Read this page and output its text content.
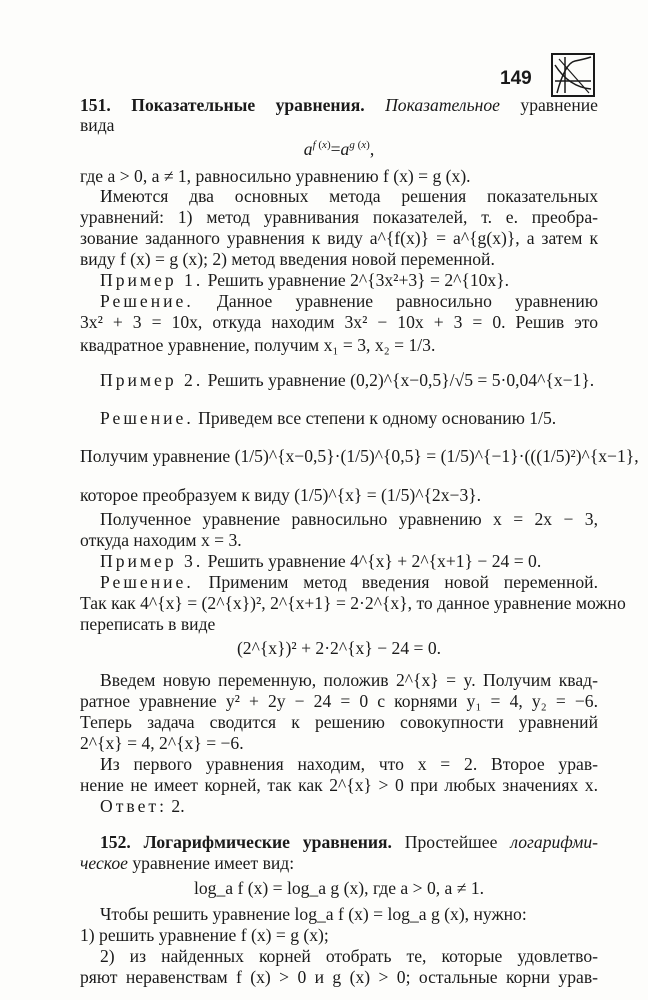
149
151. Показательные уравнения. Показательное уравнение
вида
$a^{f (x)}=a^{g (x)}$,
где a > 0, a ≠ 1, равносильно уравнению f (x) = g (x).
Имеются два основных метода решения показательных
уравнений: 1) метод уравнивания показателей, т. е. преобра-
зование заданного уравнения к виду a^{f(x)} = a^{g(x)}, а затем к
виду f (x) = g (x); 2) метод введения новой переменной.
Пример 1. Решить уравнение 2^{3x²+3} = 2^{10x}.
Решение. Данное уравнение равносильно уравнению
3x² + 3 = 10x, откуда находим 3x² − 10x + 3 = 0. Решив это
квадратное уравнение, получим x₁ = 3, x₂ = 1/3.
Пример 2. Решить уравнение (0,2)^{x−0,5}/√5 = 5·0,04^{x−1}.
Решение. Приведем все степени к одному основанию 1/5.
Получим уравнение (1/5)^{x−0,5}·(1/5)^{0,5} = (1/5)^{−1}·(((1/5)²)^{x−1},
которое преобразуем к виду (1/5)^{x} = (1/5)^{2x−3}.
Полученное уравнение равносильно уравнению x = 2x − 3,
откуда находим x = 3.
Пример 3. Решить уравнение 4^{x} + 2^{x+1} − 24 = 0.
Решение. Применим метод введения новой переменной.
Так как 4^{x} = (2^{x})², 2^{x+1} = 2·2^{x}, то данное уравнение можно
переписать в виде
(2^{x})² + 2·2^{x} − 24 = 0.
Введем новую переменную, положив 2^{x} = y. Получим квад-
ратное уравнение y² + 2y − 24 = 0 с корнями y₁ = 4, y₂ = −6.
Теперь задача сводится к решению совокупности уравнений
2^{x} = 4, 2^{x} = −6.
Из первого уравнения находим, что x = 2. Второе урав-
нение не имеет корней, так как 2^{x} > 0 при любых значениях x.
Ответ: 2.
152. Логарифмические уравнения. Простейшее логарифми-
ческое уравнение имеет вид:
log_a f (x) = log_a g (x), где a > 0, a ≠ 1.
Чтобы решить уравнение log_a f (x) = log_a g (x), нужно:
1) решить уравнение f (x) = g (x);
2) из найденных корней отобрать те, которые удовлетво-
ряют неравенствам f (x) > 0 и g (x) > 0; остальные корни урав-
